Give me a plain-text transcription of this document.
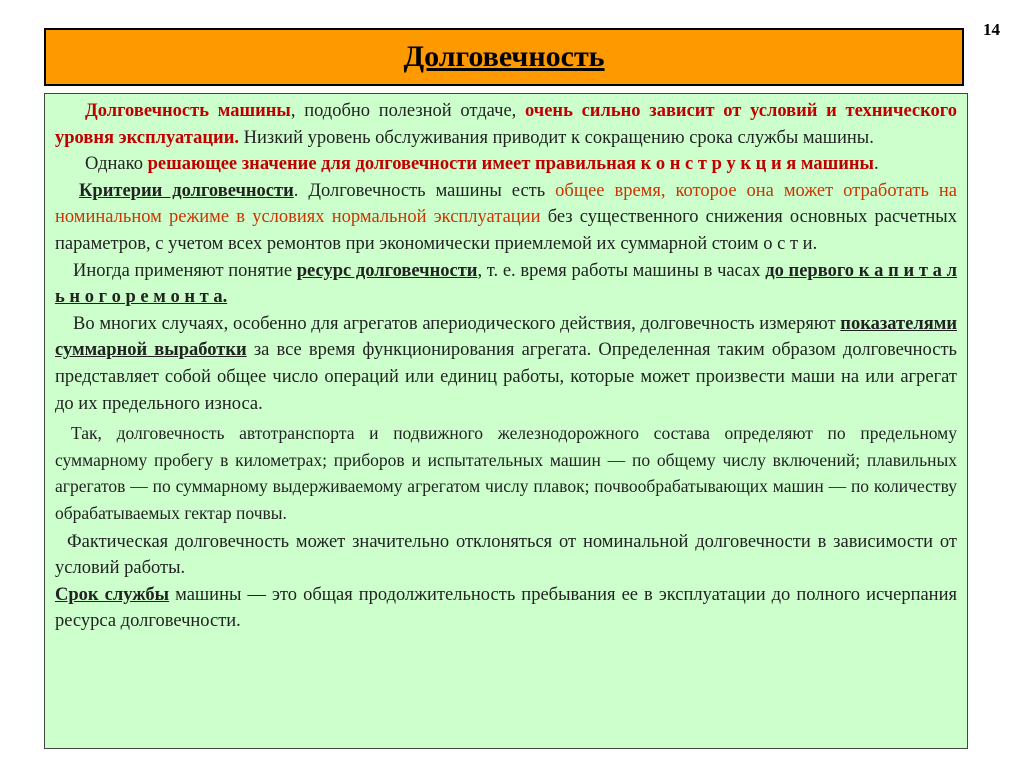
14
Долговечность

Долговечность машины, подобно полезной отдаче, очень сильно зависит от условий и технического уровня эксплуатации. Низкий уровень обслуживания приводит к сокращению срока службы машины.

Однако решающее значение для долговечности имеет правильная к о н с т р у к ц и я машины.

Критерии долговечности. Долговечность машины есть общее время, которое она может отработать на номинальном режиме в условиях нормальной эксплуатации без существенного снижения основных расчетных параметров, с учетом всех ремонтов при экономически приемлемой их суммарной стоим о с т и.

Иногда применяют понятие ресурс долговечности, т. е. время работы машины в часах до первого к а п и т а л ь н о г о р е м о н т а.

Во многих случаях, особенно для агрегатов апериодического действия, долговечность измеряют показателями суммарной выработки за все время функционирования агрегата. Определенная таким образом долговечность представляет собой общее число операций или единиц работы, которые может произвести маши на или агрегат до их предельного износа.

Так, долговечность автотранспорта и подвижного железнодорожного состава определяют по предельному суммарному пробегу в километрах; приборов и испытательных машин — по общему числу включений; плавильных агрегатов — по суммарному выдерживаемому агрегатом числу плавок; почвообрабатывающих машин — по количеству обрабатываемых гектар почвы.

Фактическая долговечность может значительно отклоняться от номинальной долговечности в зависимости от условий работы.

Срок службы машины — это общая продолжительность пребывания ее в эксплуатации до полного исчерпания ресурса долговечности.
